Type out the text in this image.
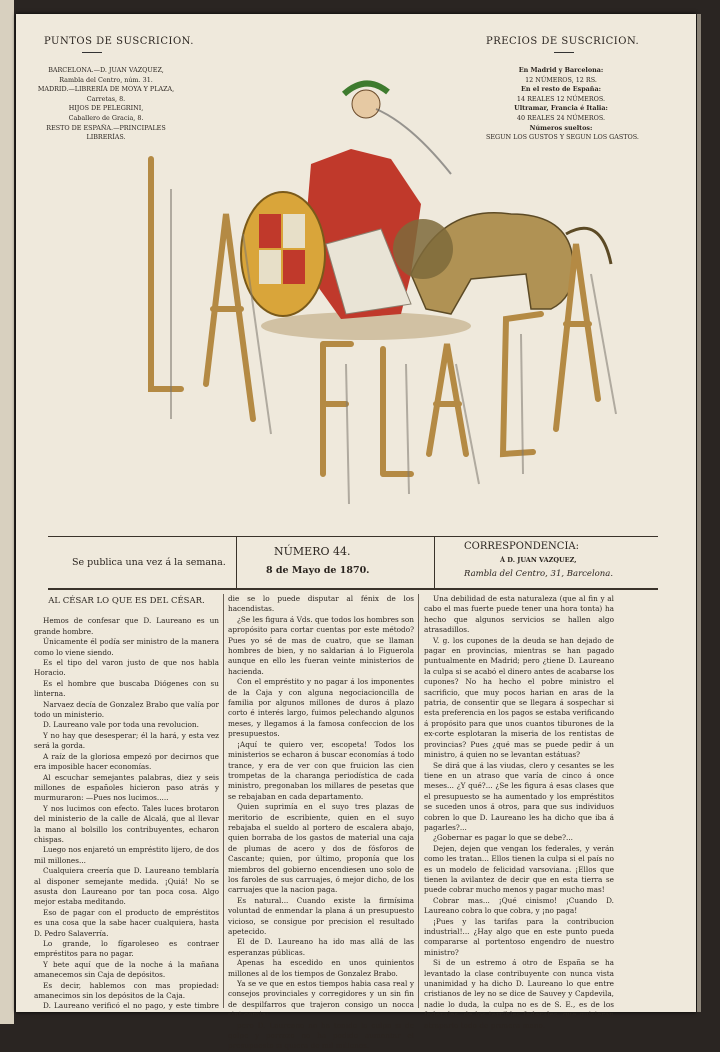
PUNTOS DE SUSCRICION.	PRECIOS DE SUSCRICION.
BARCELONA.—D. JUAN VAZQUEZ,
Rambla del Centro, núm. 31.
MADRID.—LIBRERÍA DE MOYA Y PLAZA,
Carretas, 8.
HIJOS DE PELEGRINI,
Caballero de Gracia, 8.
RESTO DE ESPAÑA.—PRINCIPALES
LIBRERÍAS.
En Madrid y Barcelona:
12 NÚMEROS, 12 RS.
En el resto de España:
14 REALES 12 NÚMEROS.
Ultramar, Francia é Italia:
40 REALES 24 NÚMEROS.
Números sueltos:
SEGUN LOS GUSTOS Y SEGUN LOS GASTOS.
Se publica una vez á la semana.
NÚMERO 44.
8 de Mayo de 1870.
CORRESPONDENCIA:
Á D. JUAN VAZQUEZ,
Rambla del Centro, 31, Barcelona.
AL CÉSAR LO QUE ES DEL CÉSAR.

Hemos de confesar que D. Laureano es un grande hombre.

Únicamente él podía ser ministro de la manera como lo viene siendo.

Es el tipo del varon justo de que nos habla Horacio.

Es el hombre que buscaba Diógenes con su linterna.

Narvaez decía de Gonzalez Brabo que valía por todo un ministerio.

D. Laureano vale por toda una revolucion.

Y no hay que desesperar; él la hará, y esta vez será la gorda.

A raíz de la gloriosa empezó por decirnos que era imposible hacer economías.

Al escuchar semejantes palabras, diez y seis millones de españoles hicieron paso atrás y murmuraron: —Pues nos lucimos.....

Y nos lucimos con efecto. Tales luces brotaron del ministerio de la calle de Alcalá, que al llevar la mano al bolsillo los contribuyentes, echaron chispas.

Luego nos enjaretó un empréstito lijero, de dos mil millones...

Cualquiera creería que D. Laureano temblaría al disponer semejante medida. ¡Quiá! No se asusta don Laureano por tan poca cosa. Algo mejor estaba meditando.

Eso de pagar con el producto de empréstitos es una cosa que la sabe hacer cualquiera, hasta D. Pedro Salaverría.

Lo grande, lo fígaroleseo es contraer empréstitos para no pagar.

Y bete aquí que de la noche á la mañana amanecemos sin Caja de depósitos.

Es decir, hablemos con mas propiedad: amanecimos sin los depósitos de la Caja.

D. Laureano verificó el no pago, y este timbre na-

die se lo puede disputar al fénix de los hacendistas.

¿Se les figura á Vds. que todos los hombres son apropósito para cortar cuentas por este método? Pues yo sé de mas de cuatro, que se llaman hombres de bien, y no saldarian á lo Figuerola aunque en ello les fueran veinte ministerios de hacienda.

Con el empréstito y no pagar á los imponentes de la Caja y con alguna negociacioncilla de familia por algunos millones de duros á plazo corto é interés largo, fuimos pelechando algunos meses, y llegamos á la famosa confeccion de los presupuestos.

¡Aquí te quiero ver, escopeta! Todos los ministerios se echaron á buscar economías á todo trance, y era de ver con que fruicion las cien trompetas de la charanga periodística de cada ministro, pregonaban los millares de pesetas que se rebajaban en cada departamento.

Quien suprimía en el suyo tres plazas de meritorio de escribiente, quien en el suyo rebajaba el sueldo al portero de escalera abajo, quien borraba de los gastos de material una caja de plumas de acero y dos de fósforos de Cascante; quien, por último, proponía que los miembros del gobierno encendiesen uno solo de los faroles de sus carruajes, ó mejor dicho, de los carruajes que la nacion paga.

Es natural... Cuando existe la firmísima voluntad de enmendar la plana á un presupuesto vicioso, se consigue por precision el resultado apetecido.

El de D. Laureano ha ido mas allá de las esperanzas públicas.

Apenas ha escedido en unos quinientos millones al de los tiempos de Gonzalez Brabo.

Ya se ve que en estos tiempos habia casa real y consejos provinciales y corregidores y un sin fin de despilfarros que trajeron consigo un nocca sint comia;

pero D. Laureano no ha tenido la culpa si de golpe y porrazo no ha podido aumentar el presupuesto si quiera de mil millones.

Una debilidad de esta naturaleza (que al fin y al cabo el mas fuerte puede tener una hora tonta) ha hecho que algunos servicios se hallen algo atrasadillos.

V. g. los cupones de la deuda se han dejado de pagar en provincias, mientras se han pagado puntualmente en Madrid; pero ¿tiene D. Laureano la culpa si se acabó el dinero antes de acabarse los cupones? No ha hecho el pobre ministro el sacrificio, que muy pocos harian en aras de la patria, de consentir que se llegara á sospechar si esta preferencia en los pagos se estaba verificando á propósito para que unos cuantos tiburones de la ex-corte esplotaran la miseria de los rentistas de provincias? Pues ¿qué mas se puede pedir á un ministro, á quien no se levantan estátuas?

Se dirá que á las viudas, clero y cesantes se les tiene en un atraso que varía de cinco á once meses... ¿Y qué?... ¿Se les figura á esas clases que el presupuesto se ha aumentado y los empréstitos se suceden unos á otros, para que sus individuos cobren lo que D. Laureano les ha dicho que iba á pagarles?...

¿Gobernar es pagar lo que se debe?...

Dejen, dejen que vengan los federales, y verán como les tratan... Ellos tienen la culpa si el país no es un modelo de felicidad varsoviana. ¡Ellos que tienen la avilantez de decir que en esta tierra se puede cobrar mucho menos y pagar mucho mas!

Cobrar mas... ¡Qué cinismo! ¡Cuando D. Laureano cobra lo que cobra, y ¡no paga!

¡Pues y las tarifas para la contribucion industrial!... ¿Hay algo que en este punto pueda compararse al portentoso engendro de nuestro ministro?

Si de un estremo á otro de España se ha levantado la clase contribuyente con nunca vista unanimidad y ha dicho D. Laureano lo que entre cristianos de ley no se dice de Sauvey y Capdevila, nadie lo duda, la culpa no es de S. E., es de los federales, de los terribles federales, que quisieran atraparlo todo de primera mano.
